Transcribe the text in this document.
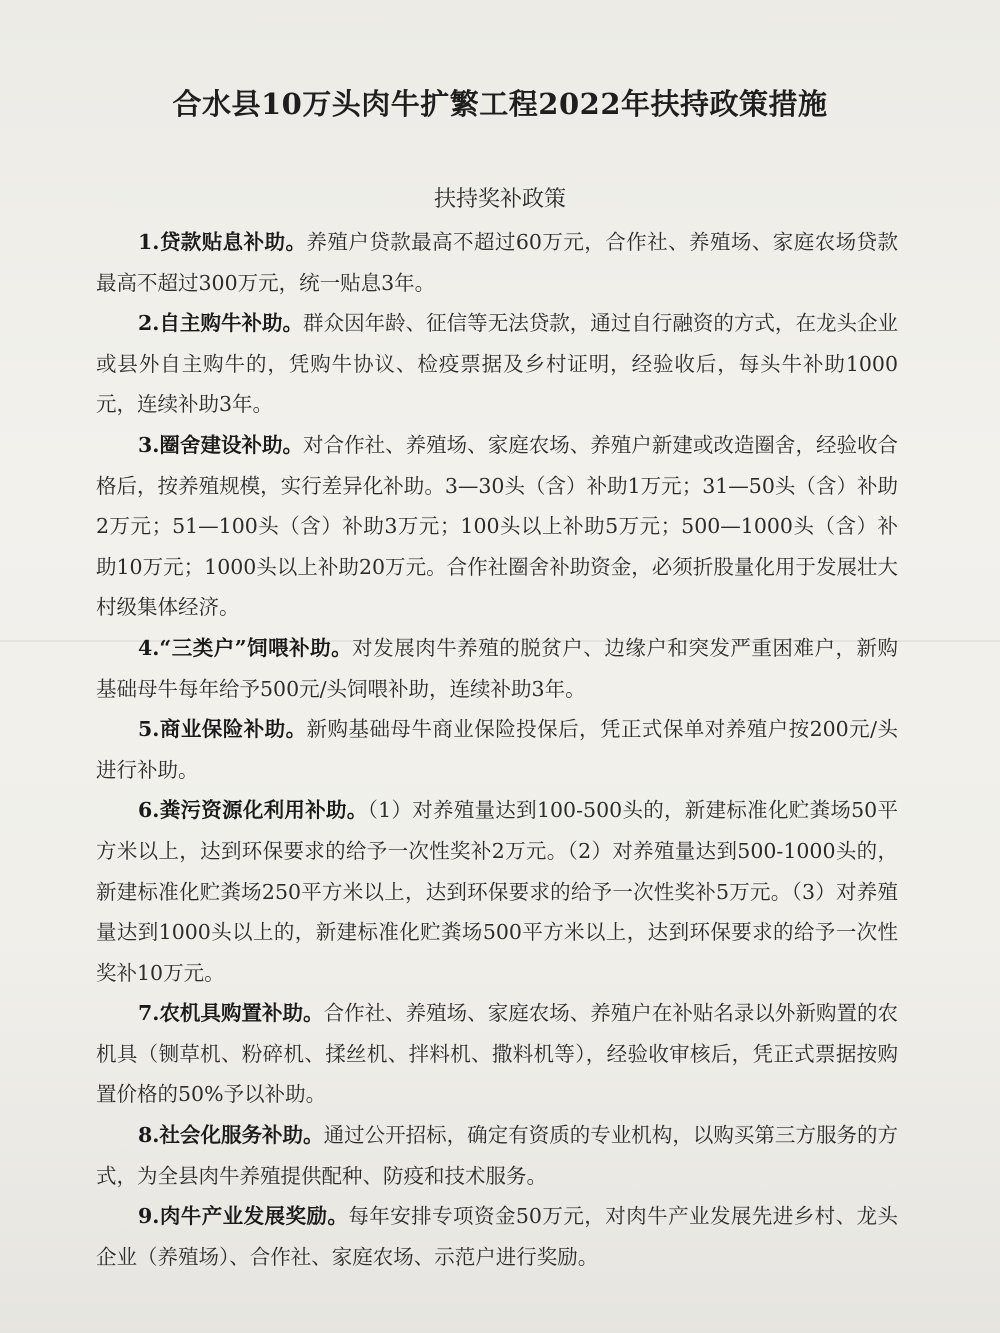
合水县10万头肉牛扩繁工程2022年扶持政策措施
扶持奖补政策

1.贷款贴息补助。养殖户贷款最高不超过60万元，合作社、养殖场、家庭农场贷款最高不超过300万元，统一贴息3年。

2.自主购牛补助。群众因年龄、征信等无法贷款，通过自行融资的方式，在龙头企业或县外自主购牛的，凭购牛协议、检疫票据及乡村证明，经验收后，每头牛补助1000元，连续补助3年。

3.圈舍建设补助。对合作社、养殖场、家庭农场、养殖户新建或改造圈舍，经验收合格后，按养殖规模，实行差异化补助。3—30头（含）补助1万元；31—50头（含）补助2万元；51—100头（含）补助3万元；100头以上补助5万元；500—1000头（含）补助10万元；1000头以上补助20万元。合作社圈舍补助资金，必须折股量化用于发展壮大村级集体经济。

4.“三类户”饲喂补助。对发展肉牛养殖的脱贫户、边缘户和突发严重困难户，新购基础母牛每年给予500元/头饲喂补助，连续补助3年。

5.商业保险补助。新购基础母牛商业保险投保后，凭正式保单对养殖户按200元/头进行补助。

6.粪污资源化利用补助。（1）对养殖量达到100-500头的，新建标准化贮粪场50平方米以上，达到环保要求的给予一次性奖补2万元。（2）对养殖量达到500-1000头的，新建标准化贮粪场250平方米以上，达到环保要求的给予一次性奖补5万元。（3）对养殖量达到1000头以上的，新建标准化贮粪场500平方米以上，达到环保要求的给予一次性奖补10万元。

7.农机具购置补助。合作社、养殖场、家庭农场、养殖户在补贴名录以外新购置的农机具（铡草机、粉碎机、揉丝机、拌料机、撒料机等），经验收审核后，凭正式票据按购置价格的50%予以补助。

8.社会化服务补助。通过公开招标，确定有资质的专业机构，以购买第三方服务的方式，为全县肉牛养殖提供配种、防疫和技术服务。

9.肉牛产业发展奖励。每年安排专项资金50万元，对肉牛产业发展先进乡村、龙头企业（养殖场）、合作社、家庭农场、示范户进行奖励。
